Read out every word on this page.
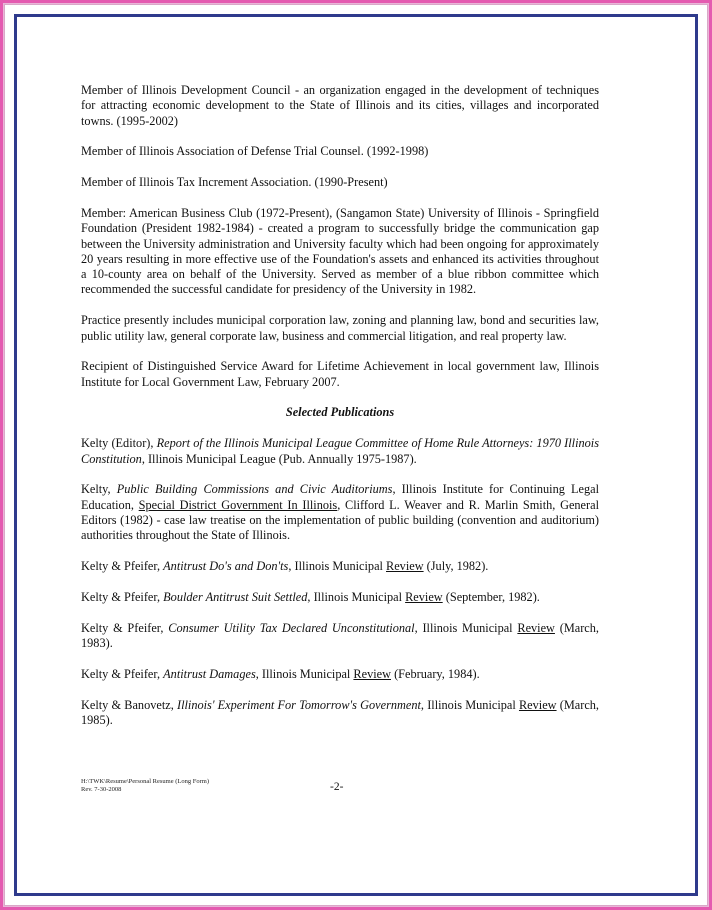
Member of Illinois Development Council - an organization engaged in the development of techniques for attracting economic development to the State of Illinois and its cities, villages and incorporated towns. (1995-2002)

Member of Illinois Association of Defense Trial Counsel. (1992-1998)

Member of Illinois Tax Increment Association. (1990-Present)

Member: American Business Club (1972-Present), (Sangamon State) University of Illinois - Springfield Foundation (President 1982-1984) - created a program to successfully bridge the communication gap between the University administration and University faculty which had been ongoing for approximately 20 years resulting in more effective use of the Foundation's assets and enhanced its activities throughout a 10-county area on behalf of the University. Served as member of a blue ribbon committee which recommended the successful candidate for presidency of the University in 1982.

Practice presently includes municipal corporation law, zoning and planning law, bond and securities law, public utility law, general corporate law, business and commercial litigation, and real property law.

Recipient of Distinguished Service Award for Lifetime Achievement in local government law, Illinois Institute for Local Government Law, February 2007.

Selected Publications

Kelty (Editor), Report of the Illinois Municipal League Committee of Home Rule Attorneys: 1970 Illinois Constitution, Illinois Municipal League (Pub. Annually 1975-1987).

Kelty, Public Building Commissions and Civic Auditoriums, Illinois Institute for Continuing Legal Education, Special District Government In Illinois, Clifford L. Weaver and R. Marlin Smith, General Editors (1982) - case law treatise on the implementation of public building (convention and auditorium) authorities throughout the State of Illinois.

Kelty & Pfeifer, Antitrust Do's and Don'ts, Illinois Municipal Review (July, 1982).

Kelty & Pfeifer, Boulder Antitrust Suit Settled, Illinois Municipal Review (September, 1982).

Kelty & Pfeifer, Consumer Utility Tax Declared Unconstitutional, Illinois Municipal Review (March, 1983).

Kelty & Pfeifer, Antitrust Damages, Illinois Municipal Review (February, 1984).

Kelty & Banovetz, Illinois' Experiment For Tomorrow's Government, Illinois Municipal Review (March, 1985).

H:\TWK\Resume\Personal Resume (Long Form)
Rev. 7-30-2008	-2-
